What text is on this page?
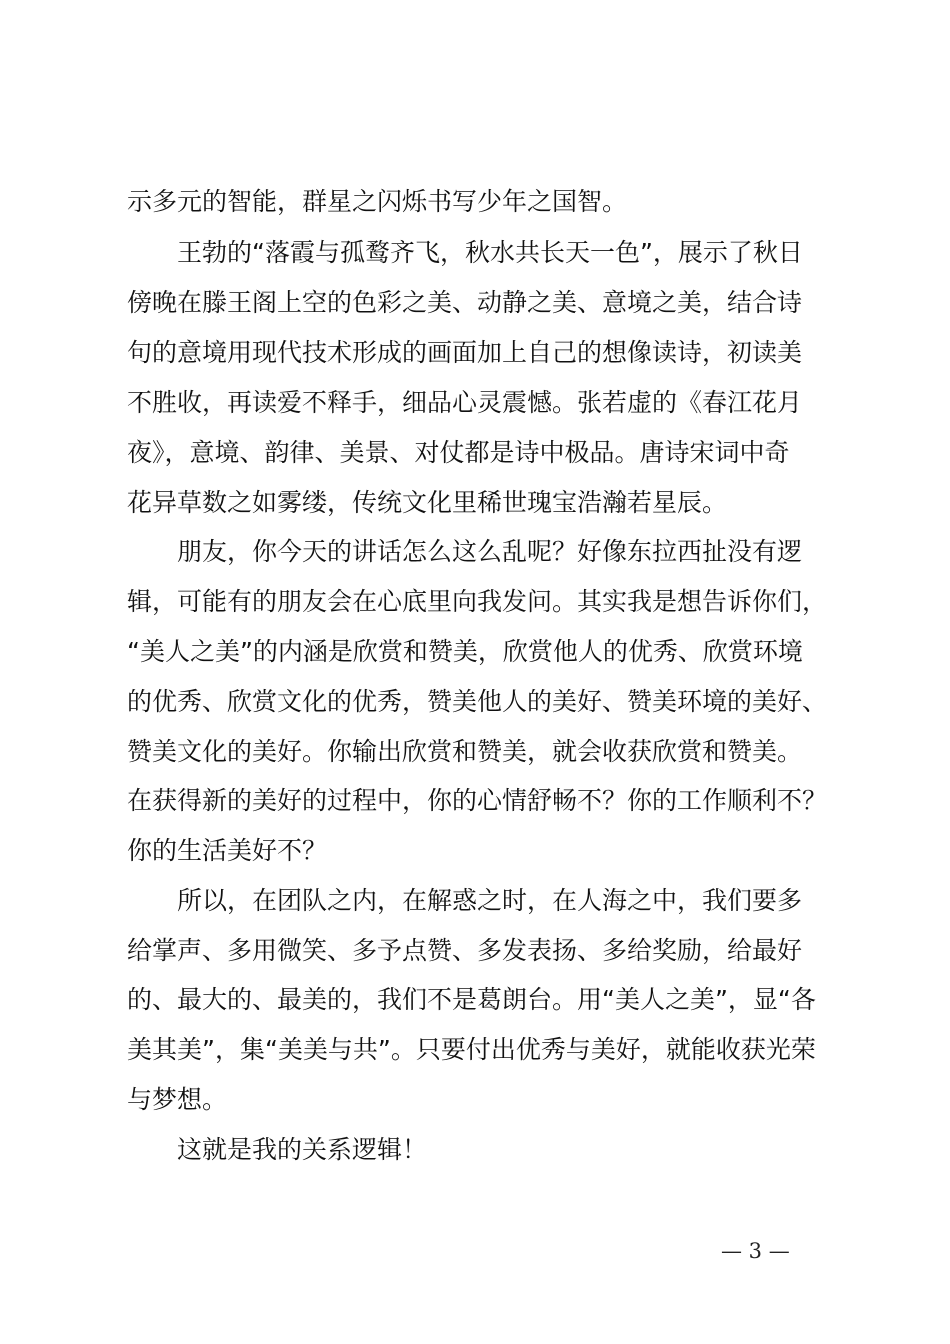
示多元的智能，群星之闪烁书写少年之国智。
　　王勃的“落霞与孤鹜齐飞，秋水共长天一色”，展示了秋日
傍晚在滕王阁上空的色彩之美、动静之美、意境之美，结合诗
句的意境用现代技术形成的画面加上自己的想像读诗，初读美
不胜收，再读爱不释手，细品心灵震憾。张若虚的《春江花月
夜》，意境、韵律、美景、对仗都是诗中极品。唐诗宋词中奇
花异草数之如雾缕，传统文化里稀世瑰宝浩瀚若星辰。
　　朋友，你今天的讲话怎么这么乱呢？好像东拉西扯没有逻
辑，可能有的朋友会在心底里向我发问。其实我是想告诉你们，
“美人之美”的内涵是欣赏和赞美，欣赏他人的优秀、欣赏环境
的优秀、欣赏文化的优秀，赞美他人的美好、赞美环境的美好、
赞美文化的美好。你输出欣赏和赞美，就会收获欣赏和赞美。
在获得新的美好的过程中，你的心情舒畅不？你的工作顺利不？
你的生活美好不？
　　所以，在团队之内，在解惑之时，在人海之中，我们要多
给掌声、多用微笑、多予点赞、多发表扬、多给奖励，给最好
的、最大的、最美的，我们不是葛朗台。用“美人之美”，显“各
美其美”，集“美美与共”。只要付出优秀与美好，就能收获光荣
与梦想。
　　这就是我的关系逻辑！
— 3 —
